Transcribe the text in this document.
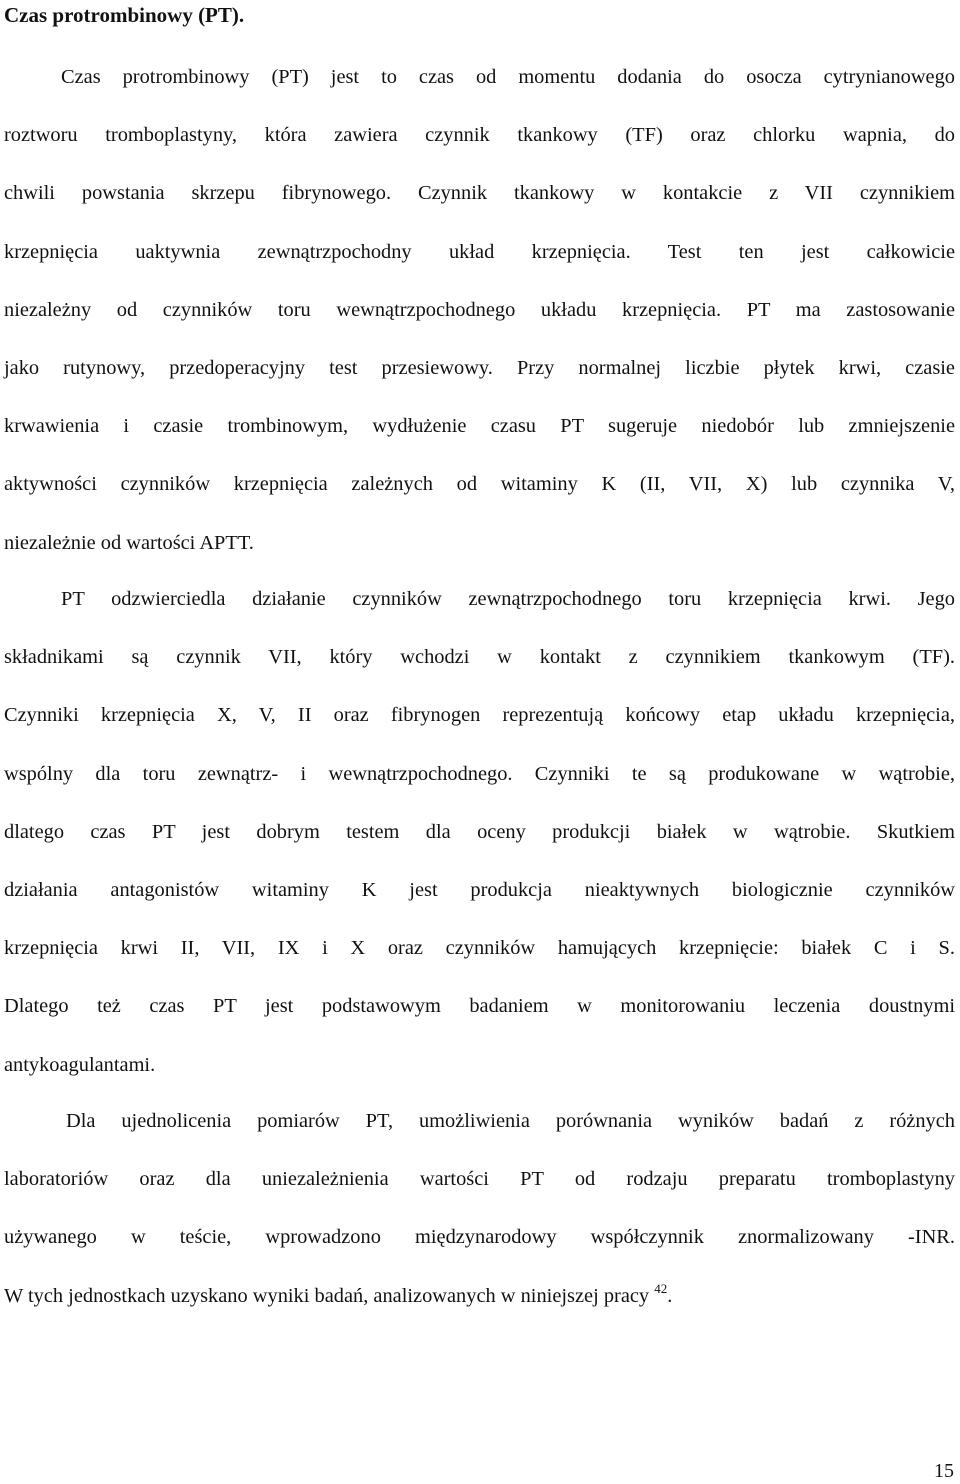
Czas protrombinowy (PT).
Czas protrombinowy (PT) jest to czas od momentu dodania do osocza cytrynianowego
roztworu tromboplastyny, która zawiera czynnik tkankowy (TF) oraz chlorku wapnia, do
chwili powstania skrzepu fibrynowego. Czynnik tkankowy w kontakcie z VII czynnikiem
krzepnięcia uaktywnia zewnątrzpochodny układ krzepnięcia. Test ten jest całkowicie
niezależny od czynników toru wewnątrzpochodnego układu krzepnięcia. PT ma zastosowanie
jako rutynowy, przedoperacyjny test przesiewowy. Przy normalnej liczbie płytek krwi, czasie
krwawienia i czasie trombinowym, wydłużenie czasu PT sugeruje niedobór lub zmniejszenie
aktywności czynników krzepnięcia zależnych od witaminy K (II, VII, X) lub czynnika V,
niezależnie od wartości APTT.
PT odzwierciedla działanie czynników zewnątrzpochodnego toru krzepnięcia krwi. Jego
składnikami są czynnik VII, który wchodzi w kontakt z czynnikiem tkankowym (TF).
Czynniki krzepnięcia X, V, II oraz fibrynogen reprezentują końcowy etap układu krzepnięcia,
wspólny dla toru zewnątrz- i wewnątrzpochodnego. Czynniki te są produkowane w wątrobie,
dlatego czas PT jest dobrym testem dla oceny produkcji białek w wątrobie. Skutkiem
działania antagonistów witaminy K jest produkcja nieaktywnych biologicznie czynników
krzepnięcia krwi II, VII, IX i X oraz czynników hamujących krzepnięcie: białek C i S.
Dlatego też czas PT jest podstawowym badaniem w monitorowaniu leczenia doustnymi
antykoagulantami.
Dla ujednolicenia pomiarów PT, umożliwienia porównania wyników badań z różnych
laboratoriów oraz dla uniezależnienia wartości PT od rodzaju preparatu tromboplastyny
używanego w teście, wprowadzono międzynarodowy współczynnik znormalizowany -INR.
W tych jednostkach uzyskano wyniki badań, analizowanych w niniejszej pracy $^{42}$.
15
